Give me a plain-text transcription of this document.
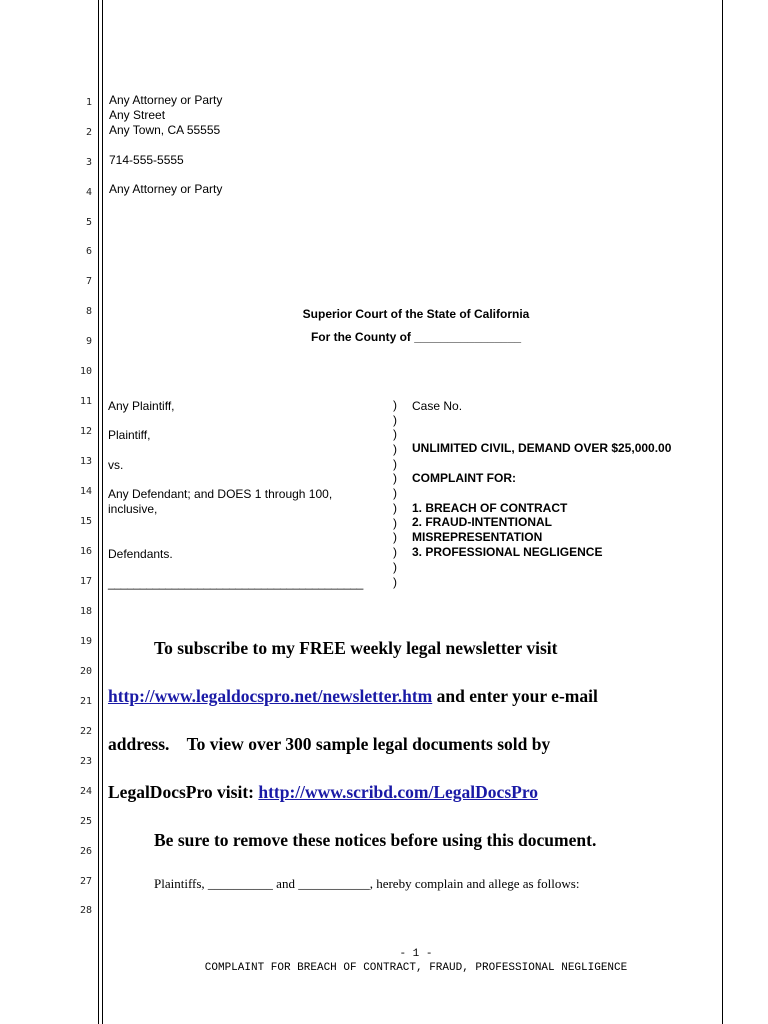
1
2
3
4
5
6
7
8
9
10
11
12
13
14
15
16
17
18
19
20
21
22
23
24
25
26
27
28
Any Attorney or Party
Any Street
Any Town, CA 55555
714-555-5555
Any Attorney or Party
Superior Court of the State of California
For the County of ________________
Any Plaintiff,
Plaintiff,
vs.
Any Defendant; and DOES 1 through 100,
inclusive,
Defendants.
________________________________________
)
)
)
)
)
)
)
)
)
)
)
)
)
Case No.
UNLIMITED CIVIL, DEMAND OVER $25,000.00
COMPLAINT FOR:
1. BREACH OF CONTRACT
2. FRAUD-INTENTIONAL
MISREPRESENTATION
3. PROFESSIONAL NEGLIGENCE
To subscribe to my FREE weekly legal newsletter visit
http://www.legaldocspro.net/newsletter.htm and enter your e-mail
address.    To view over 300 sample legal documents sold by
LegalDocsPro visit: http://www.scribd.com/LegalDocsPro
Be sure to remove these notices before using this document.
Plaintiffs, __________ and ___________, hereby complain and allege as follows:
- 1 -
COMPLAINT FOR BREACH OF CONTRACT, FRAUD, PROFESSIONAL NEGLIGENCE
